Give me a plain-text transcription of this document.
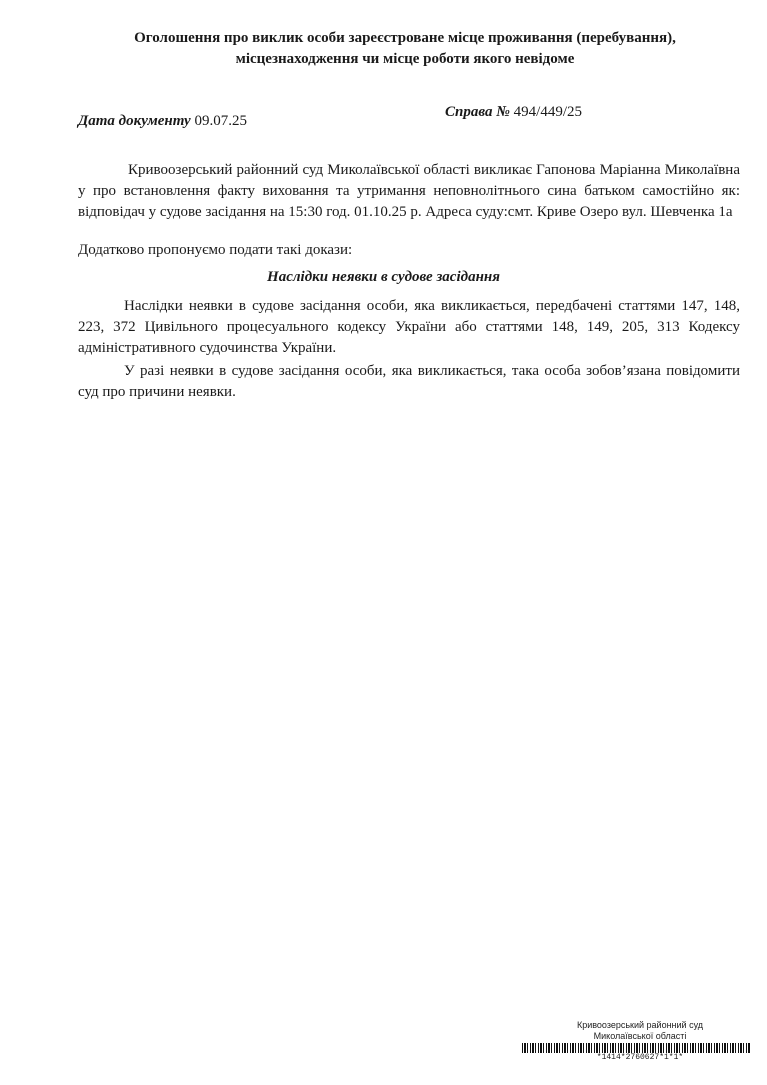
Оголошення про виклик особи зареєстроване місце проживання (перебування),
місцезнаходження чи місце роботи якого невідоме
Дата документу 09.07.25
Справа № 494/449/25
Кривоозерський районний суд Миколаївської області викликає Гапонова Маріанна Миколаївна у про встановлення факту виховання та утримання неповнолітнього сина батьком самостійно як: відповідач у судове засідання на 15:30 год. 01.10.25 р. Адреса суду:смт. Криве Озеро вул. Шевченка 1а
Додатково пропонуємо подати такі докази:
Наслідки неявки в судове засідання
Наслідки неявки в судове засідання особи, яка викликається, передбачені статтями 147, 148, 223, 372 Цивільного процесуального кодексу України або статтями 148, 149, 205, 313 Кодексу адміністративного судочинства України.
У разі неявки в судове засідання особи, яка викликається, така особа зобов’язана повідомити суд про причини неявки.
Кривоозерський районний суд
Миколаївської області
*1414*2760627*1*1*
